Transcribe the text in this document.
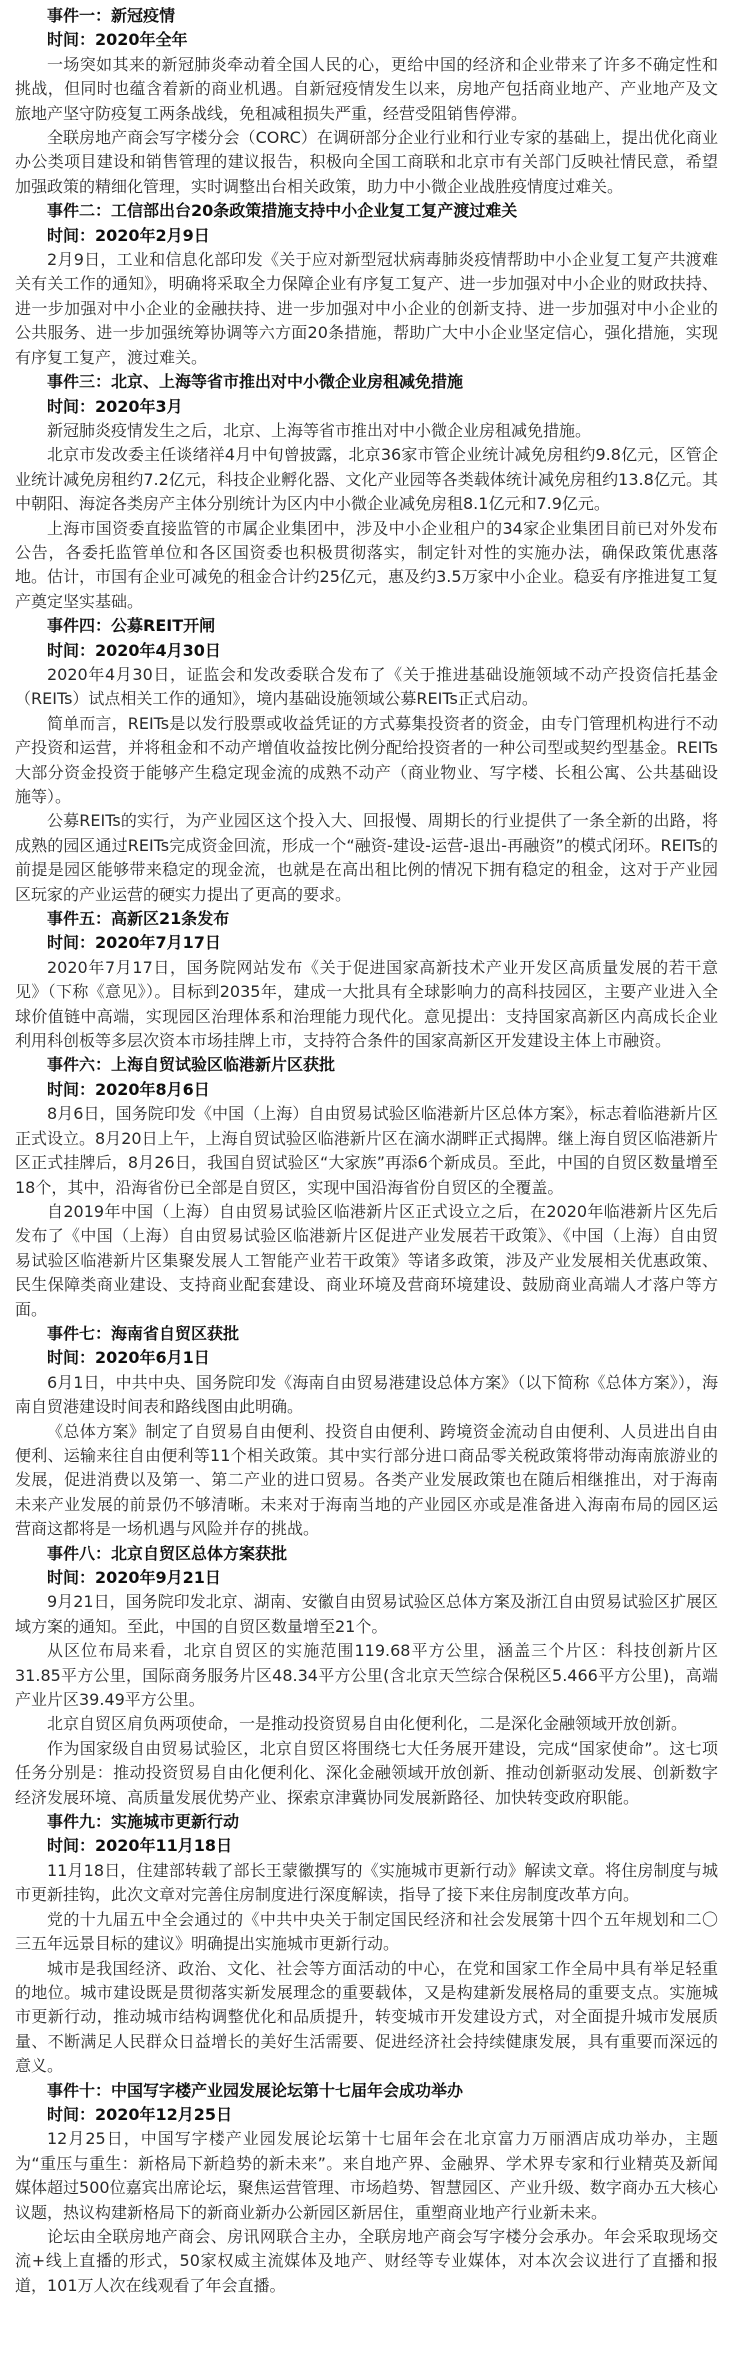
事件一：新冠疫情
时间：2020年全年

一场突如其来的新冠肺炎牵动着全国人民的心，更给中国的经济和企业带来了许多不确定性和挑战，但同时也蕴含着新的商业机遇。自新冠疫情发生以来，房地产包括商业地产、产业地产及文旅地产坚守防疫复工两条战线，免租减租损失严重，经营受阻销售停滞。

全联房地产商会写字楼分会（CORC）在调研部分企业行业和行业专家的基础上，提出优化商业办公类项目建设和销售管理的建议报告，积极向全国工商联和北京市有关部门反映社情民意，希望加强政策的精细化管理，实时调整出台相关政策，助力中小微企业战胜疫情度过难关。

事件二：工信部出台20条政策措施支持中小企业复工复产渡过难关
时间：2020年2月9日

2月9日，工业和信息化部印发《关于应对新型冠状病毒肺炎疫情帮助中小企业复工复产共渡难关有关工作的通知》，明确将采取全力保障企业有序复工复产、进一步加强对中小企业的财政扶持、进一步加强对中小企业的金融扶持、进一步加强对中小企业的创新支持、进一步加强对中小企业的公共服务、进一步加强统筹协调等六方面20条措施，帮助广大中小企业坚定信心，强化措施，实现有序复工复产，渡过难关。

事件三：北京、上海等省市推出对中小微企业房租减免措施
时间：2020年3月

新冠肺炎疫情发生之后，北京、上海等省市推出对中小微企业房租减免措施。

北京市发改委主任谈绪祥4月中旬曾披露，北京36家市管企业统计减免房租约9.8亿元，区管企业统计减免房租约7.2亿元，科技企业孵化器、文化产业园等各类载体统计减免房租约13.8亿元。其中朝阳、海淀各类房产主体分别统计为区内中小微企业减免房租8.1亿元和7.9亿元。

上海市国资委直接监管的市属企业集团中，涉及中小企业租户的34家企业集团目前已对外发布公告，各委托监管单位和各区国资委也积极贯彻落实，制定针对性的实施办法，确保政策优惠落地。估计，市国有企业可减免的租金合计约25亿元，惠及约3.5万家中小企业。稳妥有序推进复工复产奠定坚实基础。

事件四：公募REIT开闸
时间：2020年4月30日

2020年4月30日，证监会和发改委联合发布了《关于推进基础设施领域不动产投资信托基金（REITs）试点相关工作的通知》，境内基础设施领域公募REITs正式启动。

简单而言，REITs是以发行股票或收益凭证的方式募集投资者的资金，由专门管理机构进行不动产投资和运营，并将租金和不动产增值收益按比例分配给投资者的一种公司型或契约型基金。REITs大部分资金投资于能够产生稳定现金流的成熟不动产（商业物业、写字楼、长租公寓、公共基础设施等）。

公募REITs的实行，为产业园区这个投入大、回报慢、周期长的行业提供了一条全新的出路，将成熟的园区通过REITs完成资金回流，形成一个“融资-建设-运营-退出-再融资”的模式闭环。REITs的前提是园区能够带来稳定的现金流，也就是在高出租比例的情况下拥有稳定的租金，这对于产业园区玩家的产业运营的硬实力提出了更高的要求。

事件五：高新区21条发布
时间：2020年7月17日

2020年7月17日，国务院网站发布《关于促进国家高新技术产业开发区高质量发展的若干意见》（下称《意见》）。目标到2035年，建成一大批具有全球影响力的高科技园区，主要产业进入全球价值链中高端，实现园区治理体系和治理能力现代化。意见提出：支持国家高新区内高成长企业利用科创板等多层次资本市场挂牌上市，支持符合条件的国家高新区开发建设主体上市融资。

事件六：上海自贸试验区临港新片区获批
时间：2020年8月6日

8月6日，国务院印发《中国（上海）自由贸易试验区临港新片区总体方案》，标志着临港新片区正式设立。8月20日上午，上海自贸试验区临港新片区在滴水湖畔正式揭牌。继上海自贸区临港新片区正式挂牌后，8月26日，我国自贸试验区“大家族”再添6个新成员。至此，中国的自贸区数量增至18个，其中，沿海省份已全部是自贸区，实现中国沿海省份自贸区的全覆盖。

自2019年中国（上海）自由贸易试验区临港新片区正式设立之后，在2020年临港新片区先后发布了《中国（上海）自由贸易试验区临港新片区促进产业发展若干政策》、《中国（上海）自由贸易试验区临港新片区集聚发展人工智能产业若干政策》等诸多政策，涉及产业发展相关优惠政策、民生保障类商业建设、支持商业配套建设、商业环境及营商环境建设、鼓励商业高端人才落户等方面。

事件七：海南省自贸区获批
时间：2020年6月1日

6月1日，中共中央、国务院印发《海南自由贸易港建设总体方案》（以下简称《总体方案》），海南自贸港建设时间表和路线图由此明确。

《总体方案》制定了自贸易自由便利、投资自由便利、跨境资金流动自由便利、人员进出自由便利、运输来往自由便利等11个相关政策。其中实行部分进口商品零关税政策将带动海南旅游业的发展，促进消费以及第一、第二产业的进口贸易。各类产业发展政策也在随后相继推出，对于海南未来产业发展的前景仍不够清晰。未来对于海南当地的产业园区亦或是准备进入海南布局的园区运营商这都将是一场机遇与风险并存的挑战。

事件八：北京自贸区总体方案获批
时间：2020年9月21日

9月21日，国务院印发北京、湖南、安徽自由贸易试验区总体方案及浙江自由贸易试验区扩展区域方案的通知。至此，中国的自贸区数量增至21个。

从区位布局来看，北京自贸区的实施范围119.68平方公里，涵盖三个片区：科技创新片区31.85平方公里，国际商务服务片区48.34平方公里(含北京天竺综合保税区5.466平方公里)，高端产业片区39.49平方公里。

北京自贸区肩负两项使命，一是推动投资贸易自由化便利化，二是深化金融领域开放创新。

作为国家级自由贸易试验区，北京自贸区将围绕七大任务展开建设，完成“国家使命”。这七项任务分别是：推动投资贸易自由化便利化、深化金融领域开放创新、推动创新驱动发展、创新数字经济发展环境、高质量发展优势产业、探索京津冀协同发展新路径、加快转变政府职能。

事件九：实施城市更新行动
时间：2020年11月18日

11月18日，住建部转载了部长王蒙徽撰写的《实施城市更新行动》解读文章。将住房制度与城市更新挂钩，此次文章对完善住房制度进行深度解读，指导了接下来住房制度改革方向。

党的十九届五中全会通过的《中共中央关于制定国民经济和社会发展第十四个五年规划和二〇三五年远景目标的建议》明确提出实施城市更新行动。

城市是我国经济、政治、文化、社会等方面活动的中心，在党和国家工作全局中具有举足轻重的地位。城市建设既是贯彻落实新发展理念的重要载体，又是构建新发展格局的重要支点。实施城市更新行动，推动城市结构调整优化和品质提升，转变城市开发建设方式，对全面提升城市发展质量、不断满足人民群众日益增长的美好生活需要、促进经济社会持续健康发展，具有重要而深远的意义。

事件十：中国写字楼产业园发展论坛第十七届年会成功举办
时间：2020年12月25日

12月25日，中国写字楼产业园发展论坛第十七届年会在北京富力万丽酒店成功举办，主题为“重压与重生：新格局下新趋势的新未来”。来自地产界、金融界、学术界专家和行业精英及新闻媒体超过500位嘉宾出席论坛，聚焦运营管理、市场趋势、智慧园区、产业升级、数字商办五大核心议题，热议构建新格局下的新商业新办公新园区新居住，重塑商业地产行业新未来。

论坛由全联房地产商会、房讯网联合主办，全联房地产商会写字楼分会承办。年会采取现场交流+线上直播的形式，50家权威主流媒体及地产、财经等专业媒体，对本次会议进行了直播和报道，101万人次在线观看了年会直播。
